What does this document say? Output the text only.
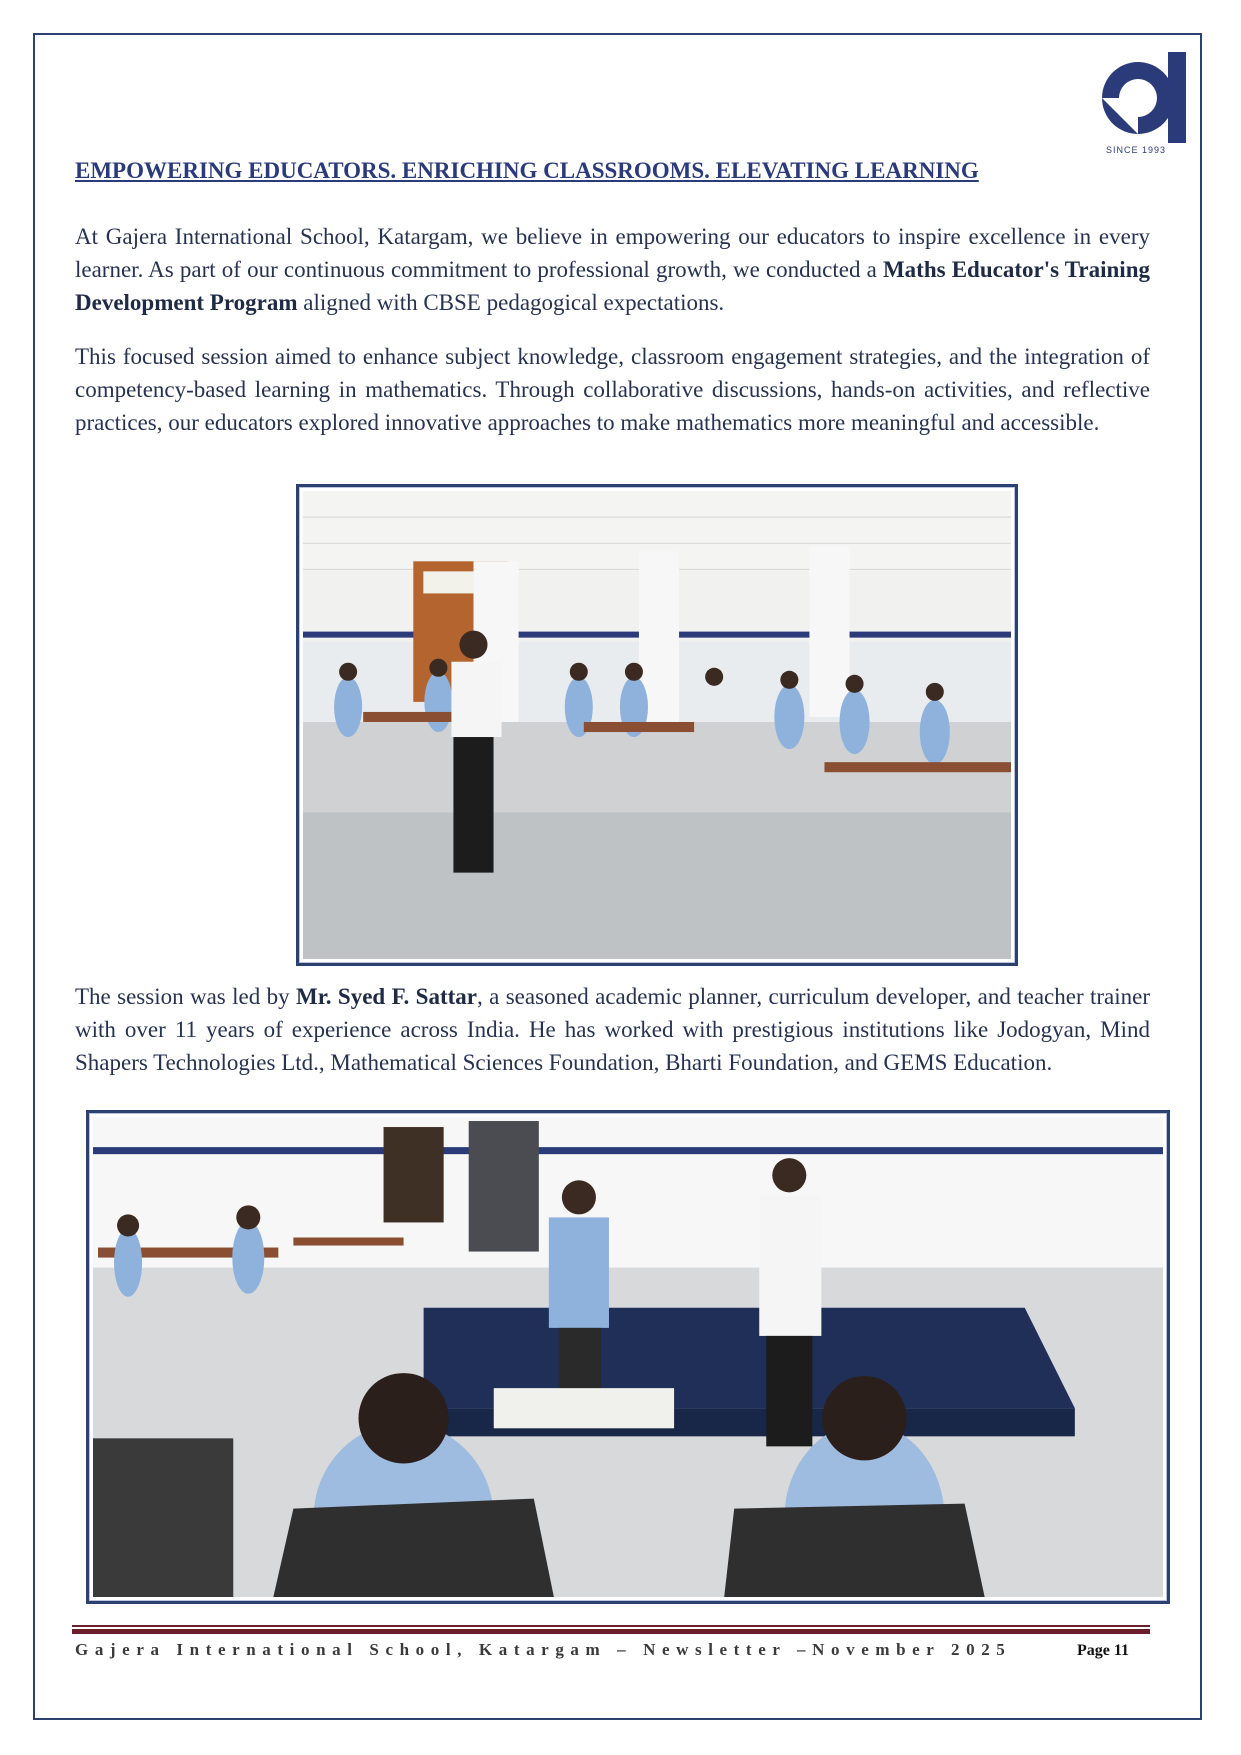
SINCE 1993
EMPOWERING EDUCATORS. ENRICHING CLASSROOMS. ELEVATING LEARNING

At Gajera International School, Katargam, we believe in empowering our educators to inspire excellence in every learner. As part of our continuous commitment to professional growth, we conducted a Maths Educator's Training Development Program aligned with CBSE pedagogical expectations.

This focused session aimed to enhance subject knowledge, classroom engagement strategies, and the integration of competency-based learning in mathematics. Through collaborative discussions, hands-on activities, and reflective practices, our educators explored innovative approaches to make mathematics more meaningful and accessible.

The session was led by Mr. Syed F. Sattar, a seasoned academic planner, curriculum developer, and teacher trainer with over 11 years of experience across India. He has worked with prestigious institutions like Jodogyan, Mind Shapers Technologies Ltd., Mathematical Sciences Foundation, Bharti Foundation, and GEMS Education.

Gajera International School, Katargam – Newsletter –November 2025	Page 11
